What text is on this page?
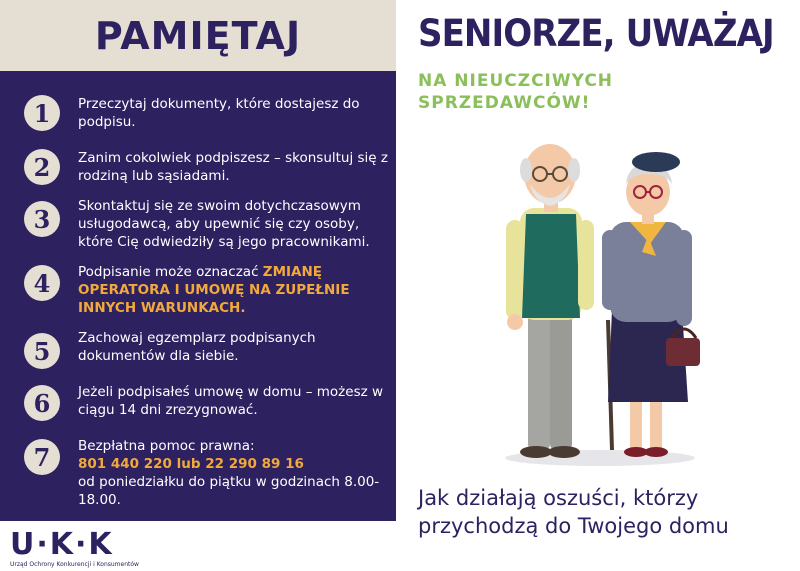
PAMIĘTAJ
1	Przeczytaj dokumenty, które dostajesz do podpisu.
2	Zanim cokolwiek podpiszesz – skonsultuj się z rodziną lub sąsiadami.
3	Skontaktuj się ze swoim dotychczasowym usługodawcą, aby upewnić się czy osoby, które Cię odwiedziły są jego pracownikami.
4	Podpisanie może oznaczać ZMIANĘ OPERATORA I UMOWĘ NA ZUPEŁNIE INNYCH WARUNKACH.
5	Zachowaj egzemplarz podpisanych dokumentów dla siebie.
6	Jeżeli podpisałeś umowę w domu – możesz w ciągu 14 dni zrezygnować.
7	Bezpłatna pomoc prawna:
801 440 220 lub 22 290 89 16
od poniedziałku do piątku w godzinach 8.00-18.00.
U·K·K
Urząd Ochrony Konkurencji i Konsumentów
SENIORZE, UWAŻAJ
NA NIEUCZCIWYCH SPRZEDAWCÓW!
Jak działają oszuści, którzy przychodzą do Twojego domu
